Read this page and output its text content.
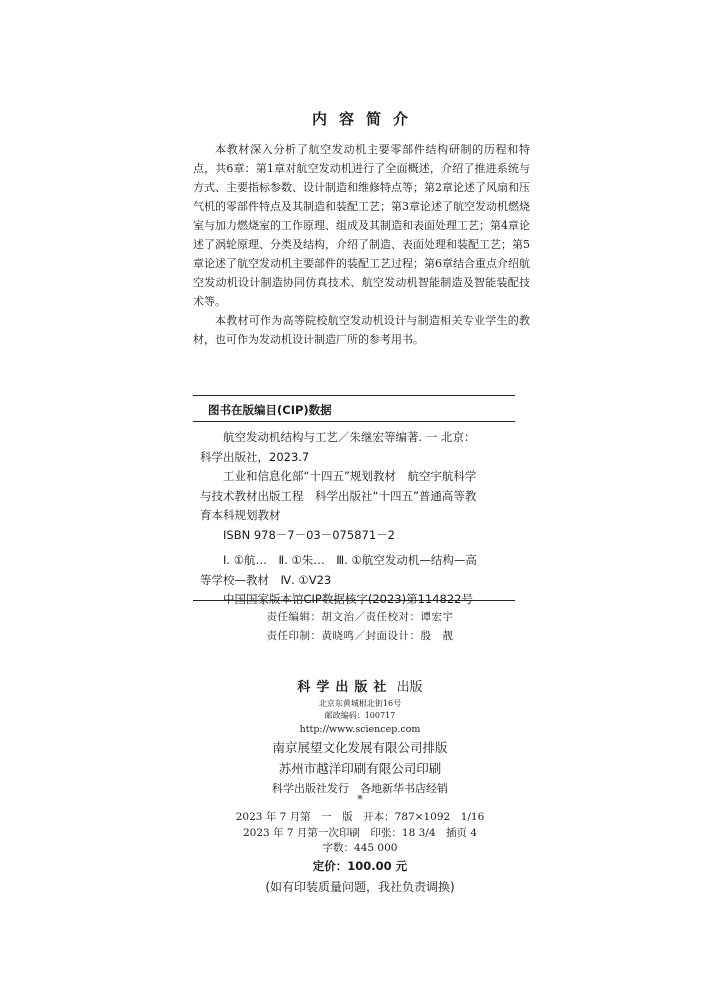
内容简介

本教材深入分析了航空发动机主要零部件结构研制的历程和特点，共6章：第1章对航空发动机进行了全面概述，介绍了推进系统与方式、主要指标参数、设计制造和维修特点等；第2章论述了风扇和压气机的零部件特点及其制造和装配工艺；第3章论述了航空发动机燃烧室与加力燃烧室的工作原理、组成及其制造和表面处理工艺；第4章论述了涡轮原理、分类及结构，介绍了制造、表面处理和装配工艺；第5章论述了航空发动机主要部件的装配工艺过程；第6章结合重点介绍航空发动机设计制造协同仿真技术、航空发动机智能制造及智能装配技术等。

本教材可作为高等院校航空发动机设计与制造相关专业学生的教材，也可作为发动机设计制造厂所的参考用书。

图书在版编目(CIP)数据
航空发动机结构与工艺／朱继宏等编著. 一 北京：
科学出版社，2023.7
工业和信息化部“十四五”规划教材　航空宇航科学
与技术教材出版工程　科学出版社“十四五”普通高等教
育本科规划教材
ISBN 978－7－03－075871－2
Ⅰ. ①航…　Ⅱ. ①朱…　Ⅲ. ①航空发动机—结构—高
等学校—教材　Ⅳ. ①V23
中国国家版本馆CIP数据核字(2023)第114822号
责任编辑：胡文治／责任校对：谭宏宇
责任印制：黄晓鸣／封面设计：殷　靓
科学出版社 出版
北京东黄城根北街16号
邮政编码：100717
http://www.sciencep.com
南京展望文化发展有限公司排版
苏州市越洋印刷有限公司印刷
科学出版社发行　各地新华书店经销
*
2023 年 7 月第　一　版　开本：787×1092　1/16
2023 年 7 月第一次印刷　印张：18 3/4　插页 4
字数：445 000
定价：100.00 元
(如有印装质量问题，我社负责调换)
